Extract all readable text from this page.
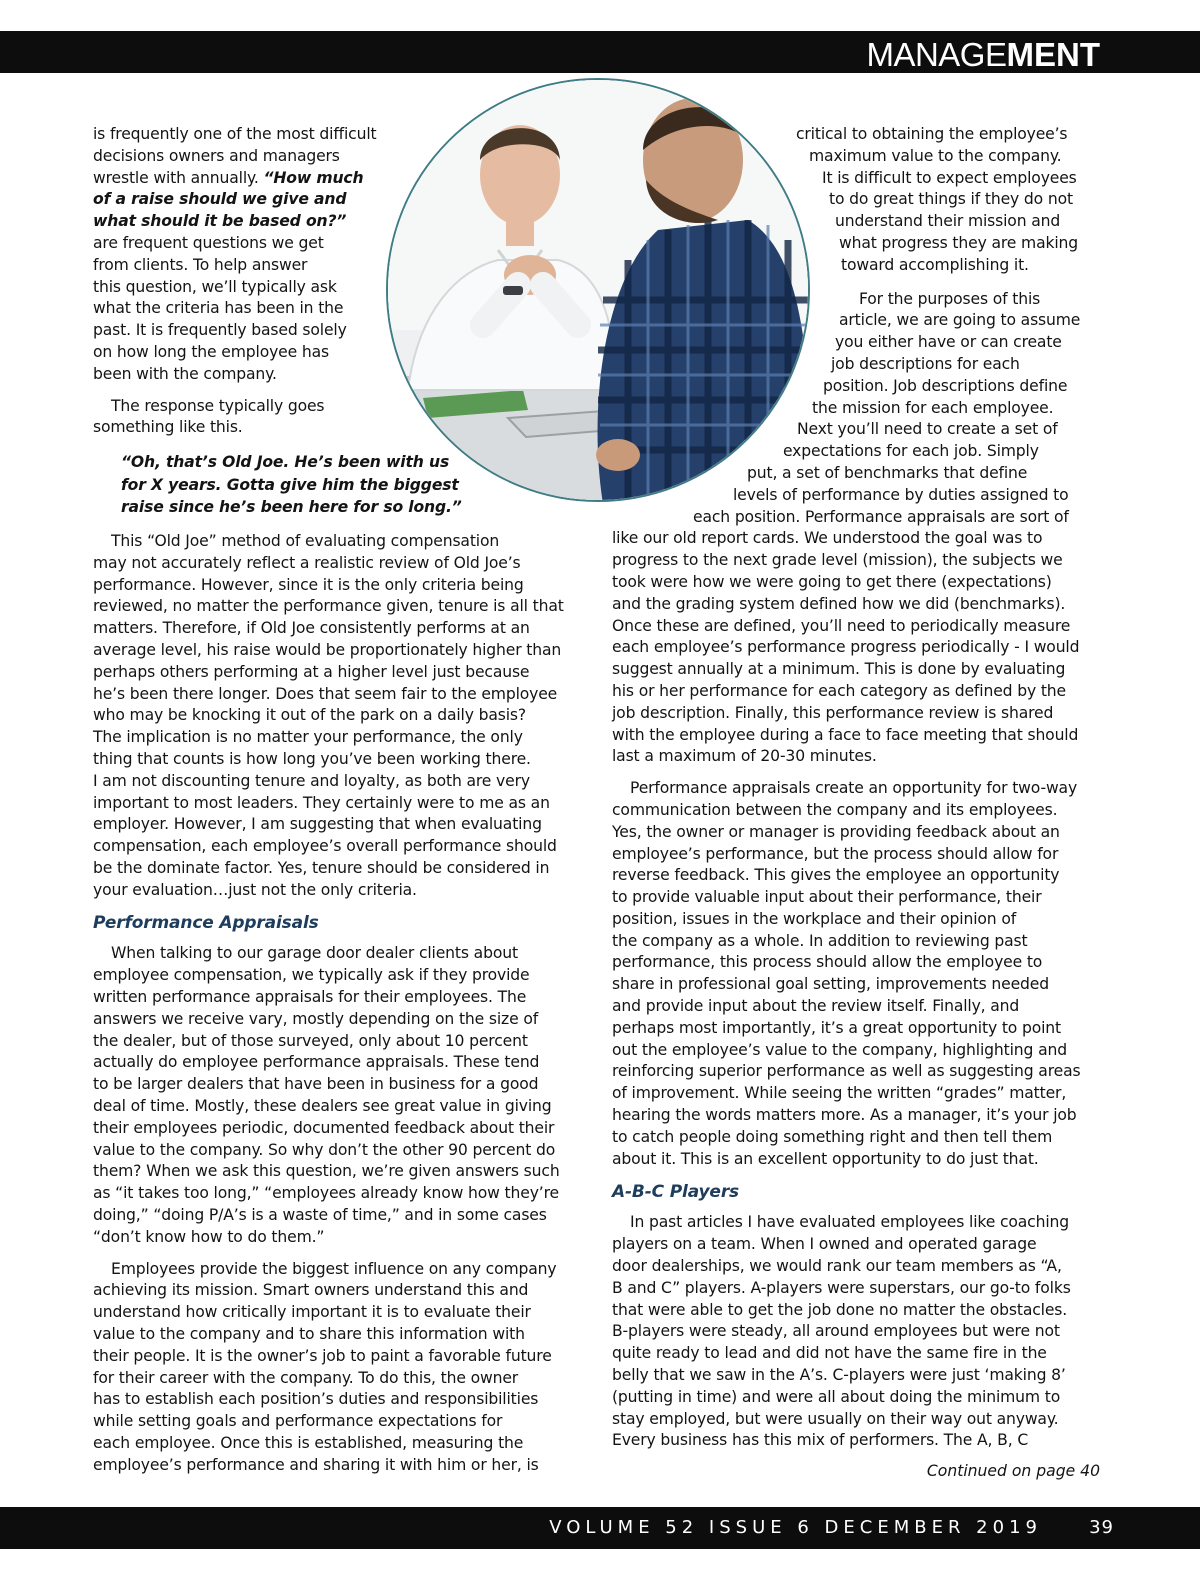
MANAGEMENT

is frequently one of the most difficult
decisions owners and managers
wrestle with annually. “How much
of a raise should we give and
what should it be based on?”
are frequent questions we get
from clients. To help answer
this question, we’ll typically ask
what the criteria has been in the
past. It is frequently based solely
on how long the employee has
been with the company.

The response typically goes
something like this.

“Oh, that’s Old Joe. He’s been with us
for X years. Gotta give him the biggest
raise since he’s been here for so long.”

This “Old Joe” method of evaluating compensation
may not accurately reflect a realistic review of Old Joe’s
performance. However, since it is the only criteria being
reviewed, no matter the performance given, tenure is all that
matters. Therefore, if Old Joe consistently performs at an
average level, his raise would be proportionately higher than
perhaps others performing at a higher level just because
he’s been there longer. Does that seem fair to the employee
who may be knocking it out of the park on a daily basis?
The implication is no matter your performance, the only
thing that counts is how long you’ve been working there.
I am not discounting tenure and loyalty, as both are very
important to most leaders. They certainly were to me as an
employer. However, I am suggesting that when evaluating
compensation, each employee’s overall performance should
be the dominate factor. Yes, tenure should be considered in
your evaluation…just not the only criteria.

Performance Appraisals

When talking to our garage door dealer clients about
employee compensation, we typically ask if they provide
written performance appraisals for their employees. The
answers we receive vary, mostly depending on the size of
the dealer, but of those surveyed, only about 10 percent
actually do employee performance appraisals. These tend
to be larger dealers that have been in business for a good
deal of time. Mostly, these dealers see great value in giving
their employees periodic, documented feedback about their
value to the company. So why don’t the other 90 percent do
them? When we ask this question, we’re given answers such
as “it takes too long,” “employees already know how they’re
doing,” “doing P/A’s is a waste of time,” and in some cases
“don’t know how to do them.”

Employees provide the biggest influence on any company
achieving its mission. Smart owners understand this and
understand how critically important it is to evaluate their
value to the company and to share this information with
their people. It is the owner’s job to paint a favorable future
for their career with the company. To do this, the owner
has to establish each position’s duties and responsibilities
while setting goals and performance expectations for
each employee. Once this is established, measuring the
employee’s performance and sharing it with him or her, is

critical to obtaining the employee’s
maximum value to the company.
It is difficult to expect employees
to do great things if they do not
understand their mission and
what progress they are making
toward accomplishing it.

For the purposes of this
article, we are going to assume
you either have or can create
job descriptions for each
position. Job descriptions define
the mission for each employee.
Next you’ll need to create a set of
expectations for each job. Simply
put, a set of benchmarks that define
levels of performance by duties assigned to
each position. Performance appraisals are sort of

like our old report cards. We understood the goal was to
progress to the next grade level (mission), the subjects we
took were how we were going to get there (expectations)
and the grading system defined how we did (benchmarks).
Once these are defined, you’ll need to periodically measure
each employee’s performance progress periodically - I would
suggest annually at a minimum. This is done by evaluating
his or her performance for each category as defined by the
job description. Finally, this performance review is shared
with the employee during a face to face meeting that should
last a maximum of 20-30 minutes.

Performance appraisals create an opportunity for two-way
communication between the company and its employees.
Yes, the owner or manager is providing feedback about an
employee’s performance, but the process should allow for
reverse feedback. This gives the employee an opportunity
to provide valuable input about their performance, their
position, issues in the workplace and their opinion of
the company as a whole. In addition to reviewing past
performance, this process should allow the employee to
share in professional goal setting, improvements needed
and provide input about the review itself. Finally, and
perhaps most importantly, it’s a great opportunity to point
out the employee’s value to the company, highlighting and
reinforcing superior performance as well as suggesting areas
of improvement. While seeing the written “grades” matter,
hearing the words matters more. As a manager, it’s your job
to catch people doing something right and then tell them
about it. This is an excellent opportunity to do just that.

A-B-C Players

In past articles I have evaluated employees like coaching
players on a team. When I owned and operated garage
door dealerships, we would rank our team members as “A,
B and C” players. A-players were superstars, our go-to folks
that were able to get the job done no matter the obstacles.
B-players were steady, all around employees but were not
quite ready to lead and did not have the same fire in the
belly that we saw in the A’s. C-players were just ‘making 8’
(putting in time) and were all about doing the minimum to
stay employed, but were usually on their way out anyway.
Every business has this mix of performers. The A, B, C

Continued on page 40
VOLUME 52 ISSUE 6 DECEMBER 2019	39
